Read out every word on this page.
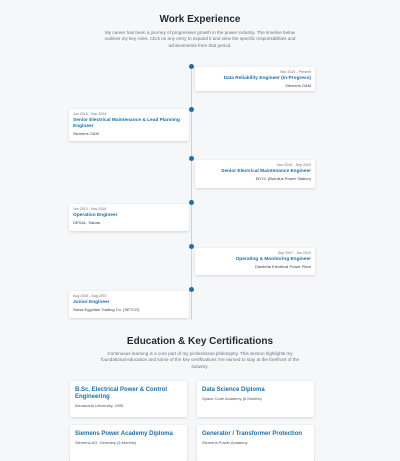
Work Experience
My career has been a journey of progressive growth in the power industry. The timeline below
outlines my key roles. Click on any entry to expand it and view the specific responsibilities and
achievements from that period.
Sep 2024 - Present
Data Reliability Engineer (In-Progress)
Siemens O&M
Jun 2016 - Sep 2024
Senior Electrical Maintenance & Lead Planning Engineer
Siemens O&M
Nov 2016 - Sep 2024
Senior Electrical Maintenance Engineer
EDYC (Burullus Power Station)
Jun 2010 - Nov 2016
Operation Engineer
DESAL, Sabaa
Sep 2007 - Jun 2010
Operating & Monitoring Engineer
Damietta Electrical Power Plant
Aug 2005 - Aug 2007
Junior Engineer
Swiss Egyptian Trading Co. (SETCO)
Education & Key Certifications
Continuous learning is a core part of my professional philosophy. This section highlights my
foundational education and some of the key certifications I've earned to stay at the forefront of the
industry.
B.Sc. Electrical Power & Control Engineering
Alexandria University, 2005
Data Science Diploma
Space Code Academy (6 Months)
Siemens Power Academy Diploma
Siemens AG, Germany (6 Months)
Generator / Transformer Protection
Siemens Power Academy
